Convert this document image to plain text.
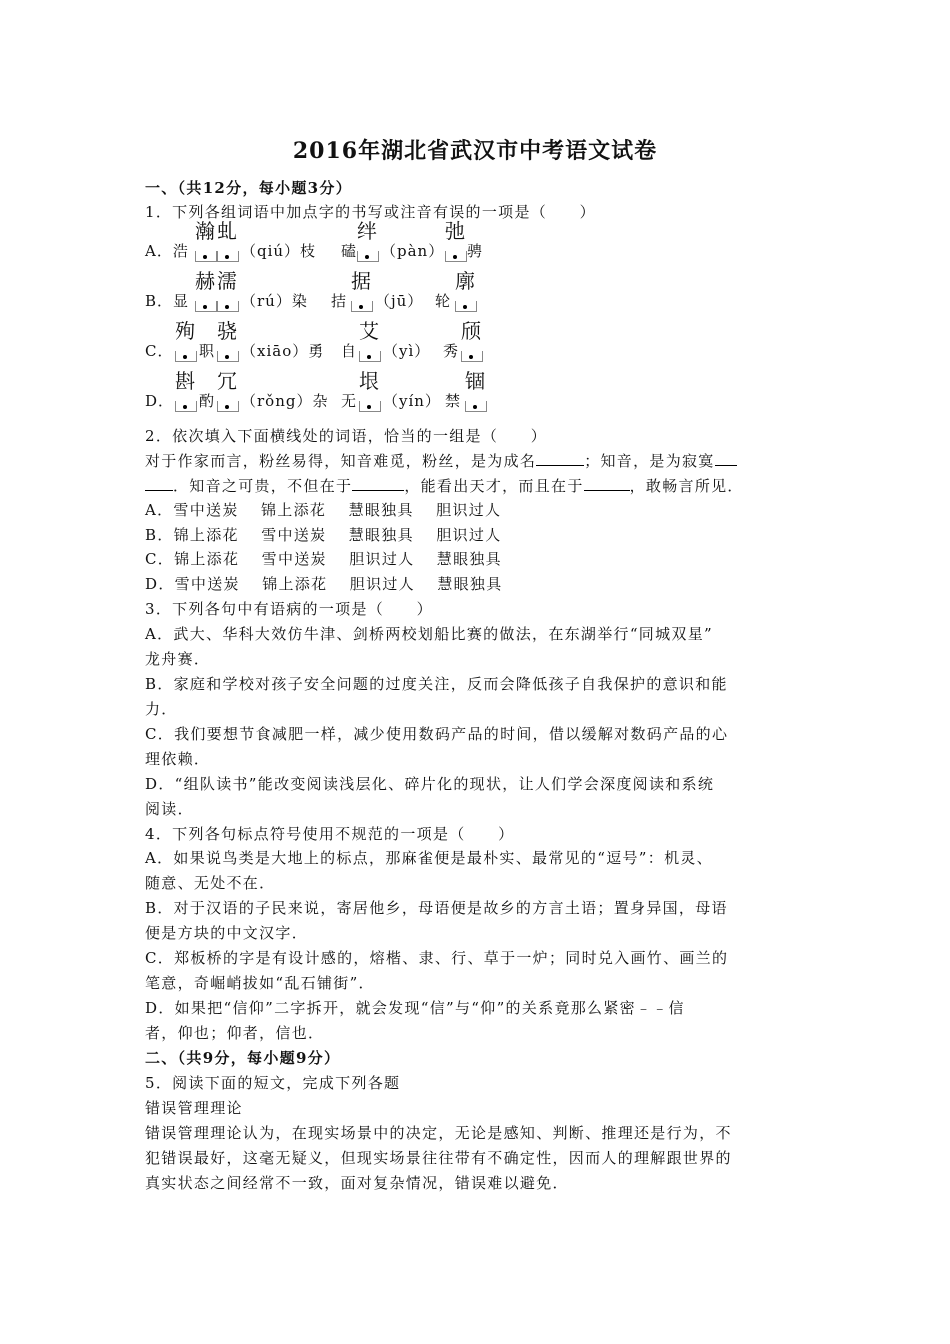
2016年湖北省武汉市中考语文试卷
一、（共12分，每小题3分）
1．下列各组词语中加点字的书写或注音有误的一项是（　　）
A．浩
瀚 虬
（qiú）枝 磕
绊
（pàn）
弛
骋
B．显
赫 濡
（rú）染 拮
据
（jū） 轮
廓
C．
殉
职
骁
（xiāo）勇 自
艾
（yì） 秀
颀
D．
斟
酌
冗
（rǒng）杂 无
垠
（yín） 禁
锢
2．依次填入下面横线处的词语，恰当的一组是（　　）
对于作家而言，粉丝易得，知音难觅，粉丝，是为成名	；知音，是为寂寞
．知音之可贵，不但在于	，能看出天才，而且在于	，敢畅言所见．
A．雪中送炭　 锦上添花　 慧眼独具　 胆识过人
B．锦上添花　 雪中送炭　 慧眼独具　 胆识过人
C．锦上添花　 雪中送炭　 胆识过人　 慧眼独具
D．雪中送炭　 锦上添花　 胆识过人　 慧眼独具
3．下列各句中有语病的一项是（　　）
A．武大、华科大效仿牛津、剑桥两校划船比赛的做法，在东湖举行“同城双星”
龙舟赛．
B．家庭和学校对孩子安全问题的过度关注，反而会降低孩子自我保护的意识和能
力．
C．我们要想节食减肥一样，减少使用数码产品的时间，借以缓解对数码产品的心
理依赖．
D．“组队读书”能改变阅读浅层化、碎片化的现状，让人们学会深度阅读和系统
阅读．
4．下列各句标点符号使用不规范的一项是（　　）
A．如果说鸟类是大地上的标点，那麻雀便是最朴实、最常见的“逗号”：机灵、
随意、无处不在．
B．对于汉语的子民来说，寄居他乡，母语便是故乡的方言土语；置身异国，母语
便是方块的中文汉字．
C．郑板桥的字是有设计感的，熔楷、隶、行、草于一炉；同时兑入画竹、画兰的
笔意，奇崛峭拔如“乱石铺街”．
D．如果把“信仰”二字拆开，就会发现“信”与“仰”的关系竟那么紧密﹣﹣信
者，仰也；仰者，信也．
二、（共9分，每小题9分）
5．阅读下面的短文，完成下列各题
错误管理理论
错误管理理论认为，在现实场景中的决定，无论是感知、判断、推理还是行为，不
犯错误最好，这毫无疑义，但现实场景往往带有不确定性，因而人的理解跟世界的
真实状态之间经常不一致，面对复杂情况，错误难以避免．
